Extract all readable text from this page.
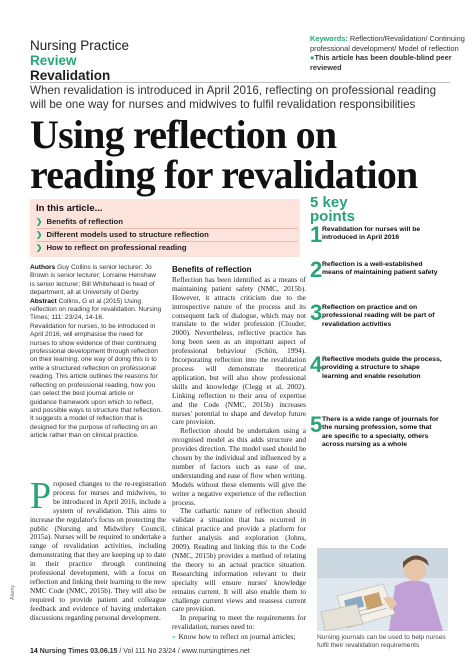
Nursing Practice
Review
Revalidation
Keywords: Reflection/Revalidation/ Continuing professional development/ Model of reflection
●This article has been double-blind peer reviewed
When revalidation is introduced in April 2016, reflecting on professional reading will be one way for nurses and midwives to fulfil revalidation responsibilities
Using reflection on
reading for revalidation
In this article...
❯ Benefits of reflection
❯ Different models used to structure reflection
❯ How to reflect on professional reading

Authors Guy Collins is senior lecturer; Jo Brown is senior lecturer; Lorraine Henshaw is senior lecturer; Bill Whitehead is head of department, all at University of Derby.

Abstract Collins, G et al (2015) Using reflection on reading for revalidation. Nursing Times; 111: 23/24, 14-16.

Revalidation for nurses, to be introduced in April 2016, will emphasise the need for nurses to show evidence of their continuing professional development through reflection on their learning; one way of doing this is to write a structured reflection on professional reading. This article outlines the reasons for reflecting on professional reading, how you can select the best journal article or guidance framework upon which to reflect, and possible ways to structure that reflection. It suggests a model of reflection that is designed for the purpose of reflecting on an article rather than on clinical practice.

Proposed changes to the re-registration process for nurses and midwives, to be introduced in April 2016, include a system of revalidation. This aims to increase the regulator's focus on protecting the public (Nursing and Midwifery Council, 2015a). Nurses will be required to undertake a range of revalidation activities, including demonstrating that they are keeping up to date in their practice through continuing professional development, with a focus on reflection and linking their learning to the new NMC Code (NMC, 2015b). They will also be required to provide patient and colleague feedback and evidence of having undertaken discussions regarding personal development.
Benefits of reflection

Reflection has been identified as a means of maintaining patient safety (NMC, 2015b). However, it attracts criticism due to the introspective nature of the process and its consequent lack of dialogue, which may not translate to the wider profession (Clouder, 2000). Nevertheless, reflective practice has long been seen as an important aspect of professional behaviour (Schön, 1994). Incorporating reflection into the revalidation process will demonstrate theoretical application, but will also show professional skills and knowledge (Clegg et al, 2002). Linking reflection to their area of expertise and the Code (NMC, 2015b) increases nurses' potential to shape and develop future care provision.

Reflection should be undertaken using a recognised model as this adds structure and provides direction. The model used should be chosen by the individual and influenced by a number of factors such as ease of use, understanding and ease of flow when writing. Models without these elements will give the writer a negative experience of the reflection process.

The cathartic nature of reflection should validate a situation that has occurred in clinical practice and provide a platform for further analysis and exploration (Johns, 2009). Reading and linking this to the Code (NMC, 2015b) provides a method of relating the theory to an actual practice situation. Researching information relevant to their specialty will ensure nurses' knowledge remains current. It will also enable them to challenge current views and reassess current care provision.

In preparing to meet the requirements for revalidation, nurses need to:

» Know how to reflect on journal articles;
5 key
points
1 Revalidation for nurses will be introduced in April 2016
2 Reflection is a well-established means of maintaining patient safety
3 Reflection on practice and on professional reading will be part of revalidation activities
4 Reflective models guide the process, providing a structure to shape learning and enable resolution
5 There is a wide range of journals for the nursing profession, some that are specific to a specialty, others across nursing as a whole
Nursing journals can be used to help nurses fulfil their revalidation requirements
Alamy
14 Nursing Times 03.06.15 / Vol 111 No 23/24 / www.nursingtimes.net
